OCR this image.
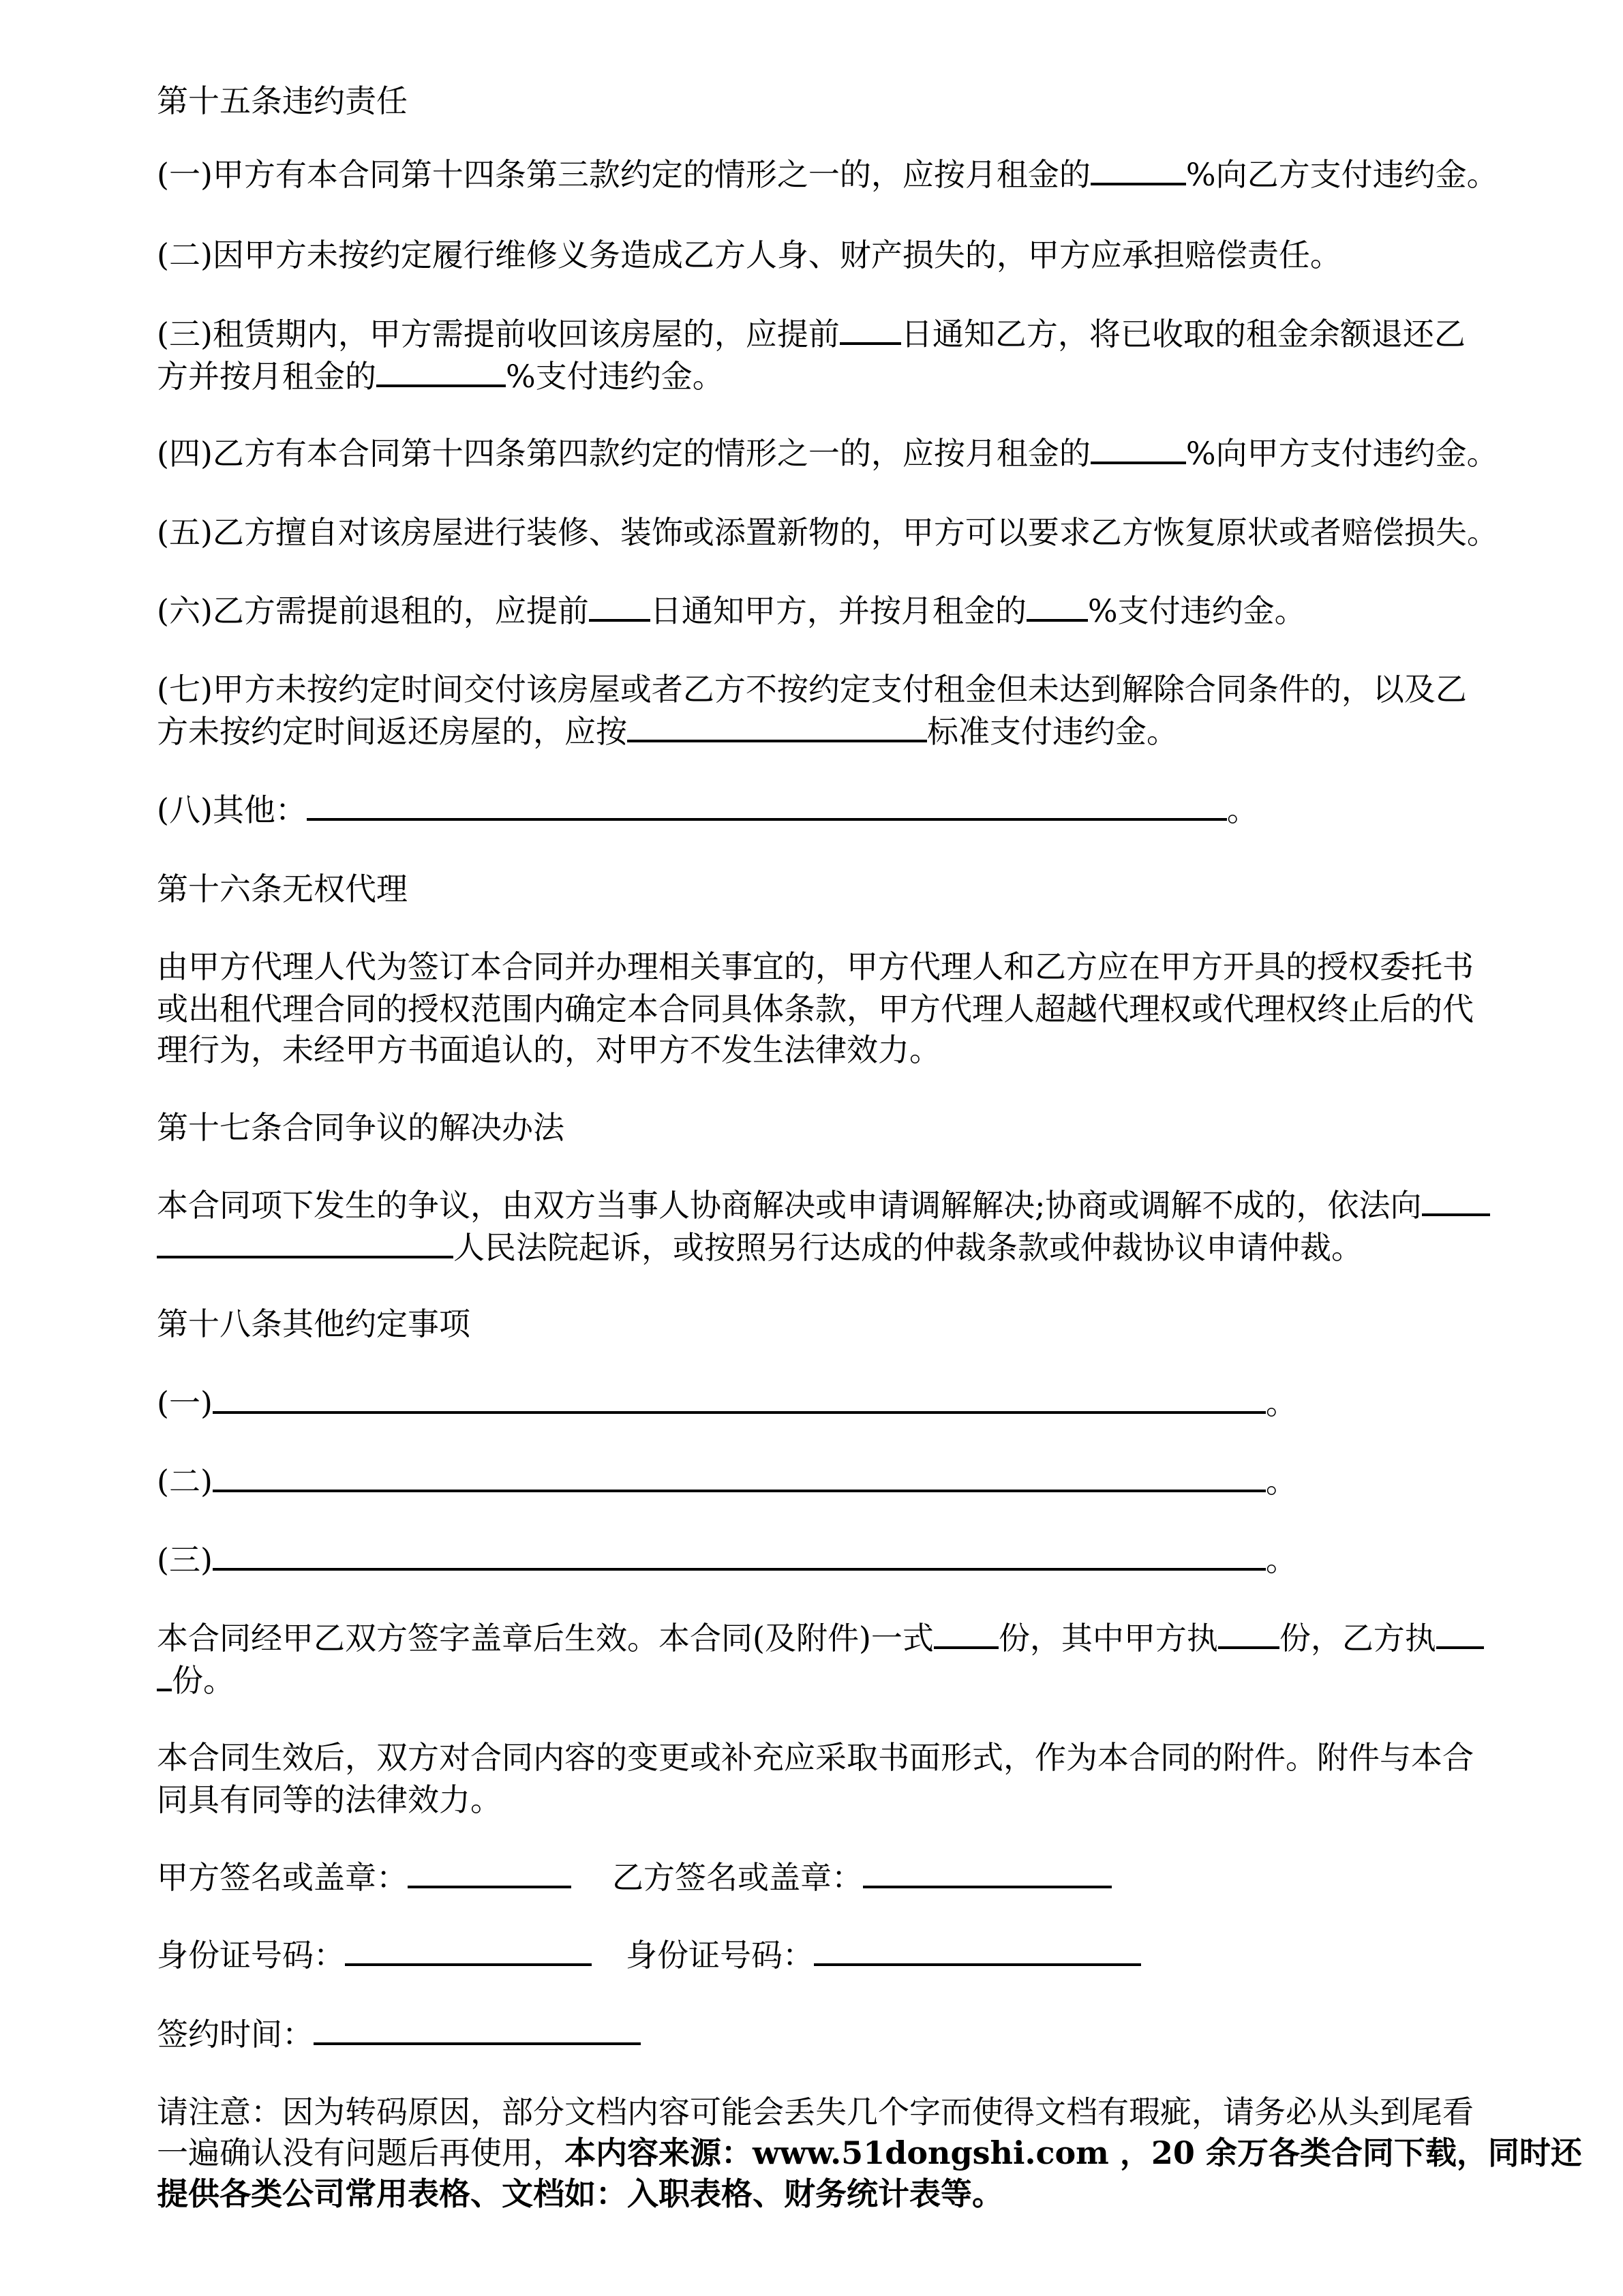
第十五条违约责任
(一)甲方有本合同第十四条第三款约定的情形之一的，应按月租金的	%向乙方支付违约金。
(二)因甲方未按约定履行维修义务造成乙方人身、财产损失的，甲方应承担赔偿责任。
(三)租赁期内，甲方需提前收回该房屋的，应提前 日通知乙方，将已收取的租金余额退还乙
方并按月租金的	%支付违约金。
(四)乙方有本合同第十四条第四款约定的情形之一的，应按月租金的	%向甲方支付违约金。
(五)乙方擅自对该房屋进行装修、装饰或添置新物的，甲方可以要求乙方恢复原状或者赔偿损失。
(六)乙方需提前退租的，应提前 日通知甲方，并按月租金的 %支付违约金。
(七)甲方未按约定时间交付该房屋或者乙方不按约定支付租金但未达到解除合同条件的，以及乙
方未按约定时间返还房屋的，应按	标准支付违约金。
(八)其他：	。
第十六条无权代理
由甲方代理人代为签订本合同并办理相关事宜的，甲方代理人和乙方应在甲方开具的授权委托书
或出租代理合同的授权范围内确定本合同具体条款，甲方代理人超越代理权或代理权终止后的代
理行为，未经甲方书面追认的，对甲方不发生法律效力。
第十七条合同争议的解决办法
本合同项下发生的争议，由双方当事人协商解决或申请调解解决;协商或调解不成的，依法向
人民法院起诉，或按照另行达成的仲裁条款或仲裁协议申请仲裁。
第十八条其他约定事项
(一)	。
(二)	。
(三)	。
本合同经甲乙双方签字盖章后生效。本合同(及附件)一式 份，其中甲方执 份，乙方执
份。
本合同生效后，双方对合同内容的变更或补充应采取书面形式，作为本合同的附件。附件与本合
同具有同等的法律效力。
甲方签名或盖章：	乙方签名或盖章：
身份证号码：	身份证号码：
签约时间：
请注意：因为转码原因，部分文档内容可能会丢失几个字而使得文档有瑕疵，请务必从头到尾看
一遍确认没有问题后再使用，本内容来源：www.51dongshi.com ，20 余万各类合同下载，同时还
提供各类公司常用表格、文档如：入职表格、财务统计表等。
